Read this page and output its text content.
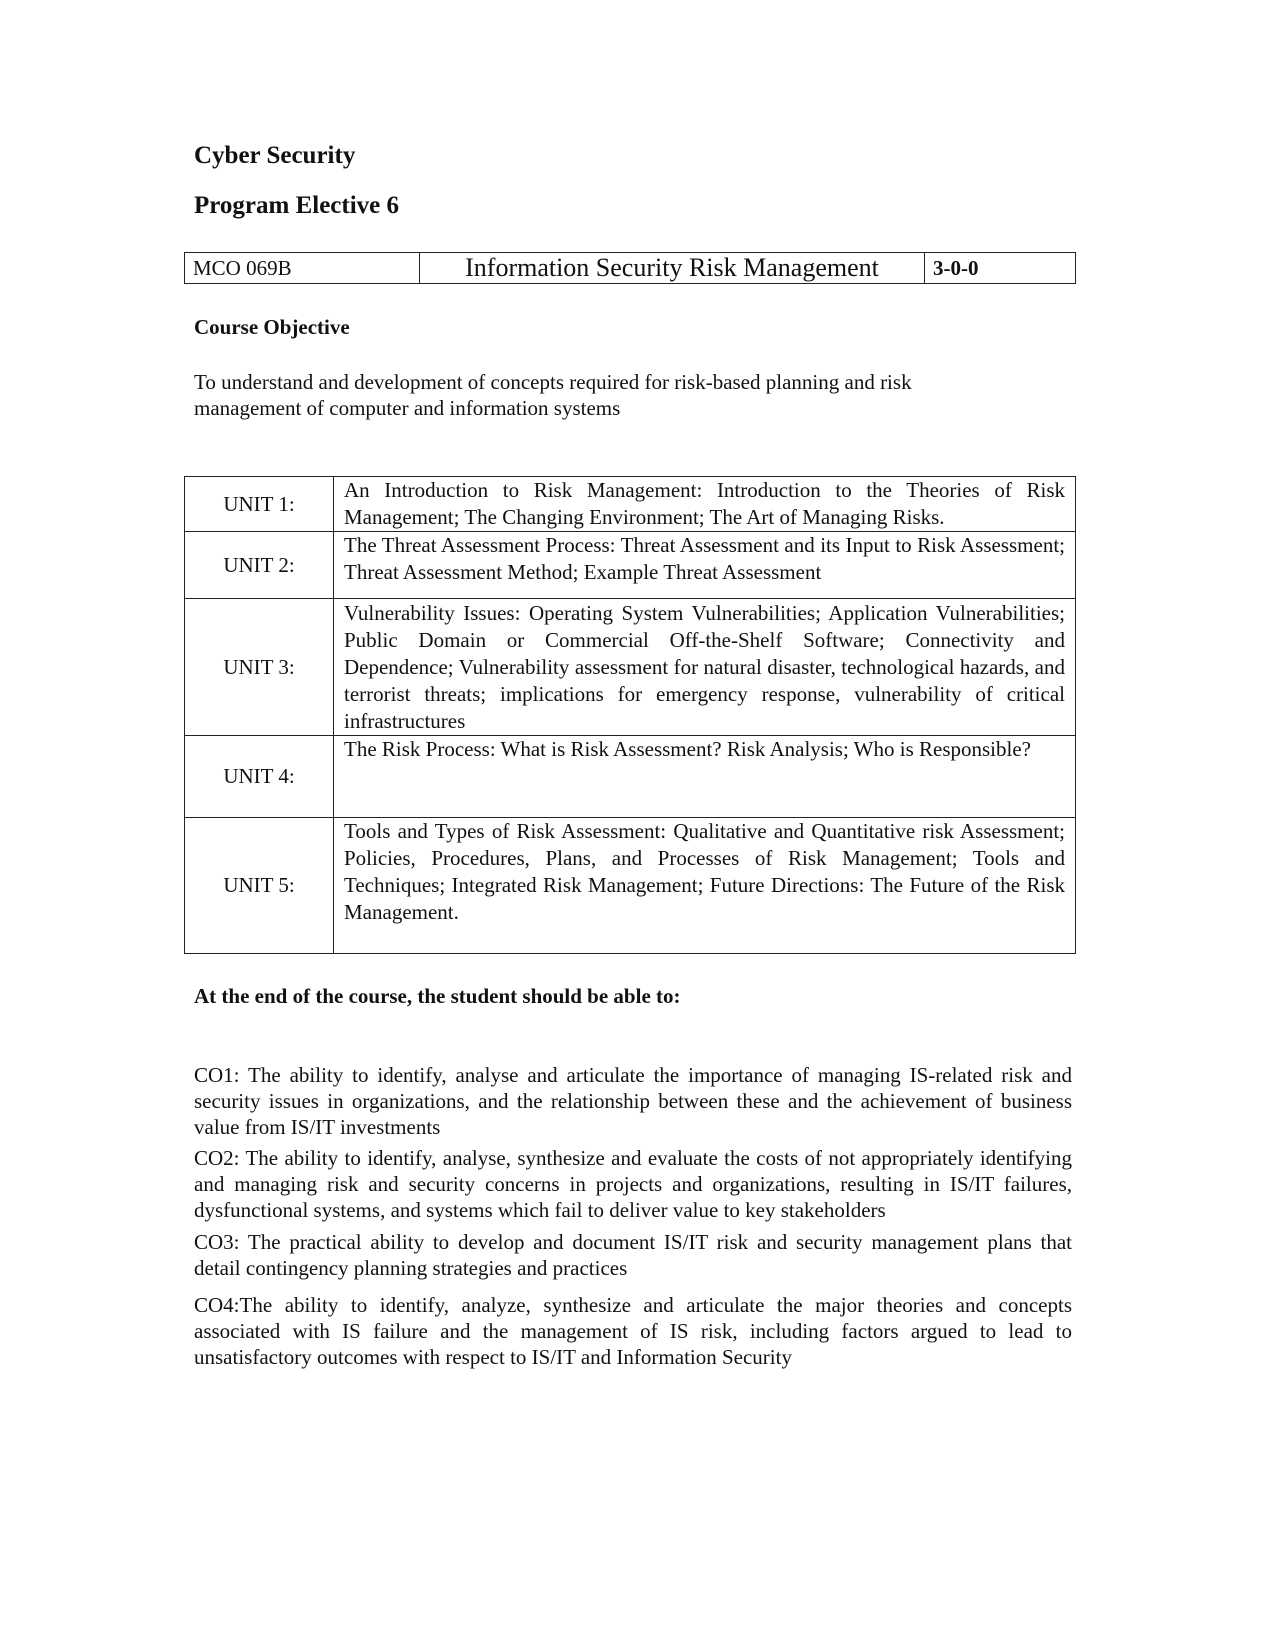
Cyber Security
Program Elective 6
MCO 069B	Information Security Risk Management	3-0-0
Course Objective

To understand and development of concepts required for risk-based planning and risk management of computer and information systems

UNIT 1:	An Introduction to Risk Management: Introduction to the Theories of Risk Management; The Changing Environment; The Art of Managing Risks.
UNIT 2:	The Threat Assessment Process: Threat Assessment and its Input to Risk Assessment; Threat Assessment Method; Example Threat Assessment
UNIT 3:	Vulnerability Issues: Operating System Vulnerabilities; Application Vulnerabilities; Public Domain or Commercial Off-the-Shelf Software; Connectivity and Dependence; Vulnerability assessment for natural disaster, technological hazards, and terrorist threats; implications for emergency response, vulnerability of critical infrastructures
UNIT 4:	The Risk Process: What is Risk Assessment? Risk Analysis; Who is Responsible?
UNIT 5:	Tools and Types of Risk Assessment: Qualitative and Quantitative risk Assessment; Policies, Procedures, Plans, and Processes of Risk Management; Tools and Techniques; Integrated Risk Management; Future Directions: The Future of the Risk Management.
At the end of the course, the student should be able to:

CO1: The ability to identify, analyse and articulate the importance of managing IS-related risk and security issues in organizations, and the relationship between these and the achievement of business value from IS/IT investments

CO2: The ability to identify, analyse, synthesize and evaluate the costs of not appropriately identifying and managing risk and security concerns in projects and organizations, resulting in IS/IT failures, dysfunctional systems, and systems which fail to deliver value to key stakeholders

CO3: The practical ability to develop and document IS/IT risk and security management plans that detail contingency planning strategies and practices

CO4:The ability to identify, analyze, synthesize and articulate the major theories and concepts associated with IS failure and the management of IS risk, including factors argued to lead to unsatisfactory outcomes with respect to IS/IT and Information Security
